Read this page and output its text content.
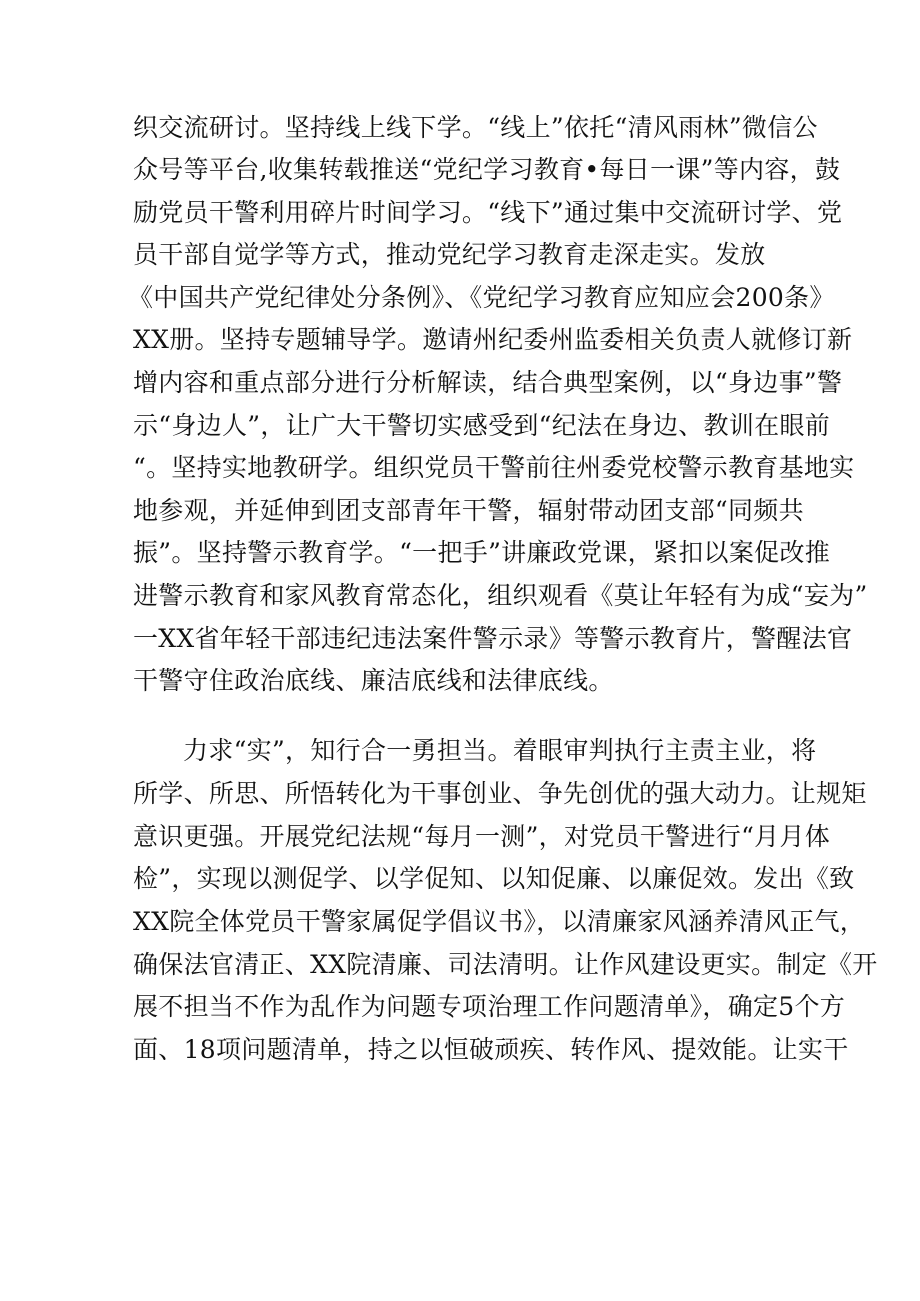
织交流研讨。坚持线上线下学。“线上”依托“清风雨林”微信公
众号等平台,收集转载推送“党纪学习教育•每日一课”等内容，鼓
励党员干警利用碎片时间学习。“线下”通过集中交流研讨学、党
员干部自觉学等方式，推动党纪学习教育走深走实。发放
《中国共产党纪律处分条例》、《党纪学习教育应知应会200条》
XX册。坚持专题辅导学。邀请州纪委州监委相关负责人就修订新
增内容和重点部分进行分析解读，结合典型案例，以“身边事”警
示“身边人”，让广大干警切实感受到“纪法在身边、教训在眼前
“。坚持实地教研学。组织党员干警前往州委党校警示教育基地实
地参观，并延伸到团支部青年干警，辐射带动团支部“同频共
振”。坚持警示教育学。“一把手”讲廉政党课，紧扣以案促改推
进警示教育和家风教育常态化，组织观看《莫让年轻有为成“妄为”
一XX省年轻干部违纪违法案件警示录》等警示教育片，警醒法官
干警守住政治底线、廉洁底线和法律底线。
力求“实”，知行合一勇担当。着眼审判执行主责主业，将
所学、所思、所悟转化为干事创业、争先创优的强大动力。让规矩
意识更强。开展党纪法规“每月一测”，对党员干警进行“月月体
检”，实现以测促学、以学促知、以知促廉、以廉促效。发出《致
XX院全体党员干警家属促学倡议书》，以清廉家风涵养清风正气，
确保法官清正、XX院清廉、司法清明。让作风建设更实。制定《开
展不担当不作为乱作为问题专项治理工作问题清单》，确定5个方
面、18项问题清单，持之以恒破顽疾、转作风、提效能。让实干
